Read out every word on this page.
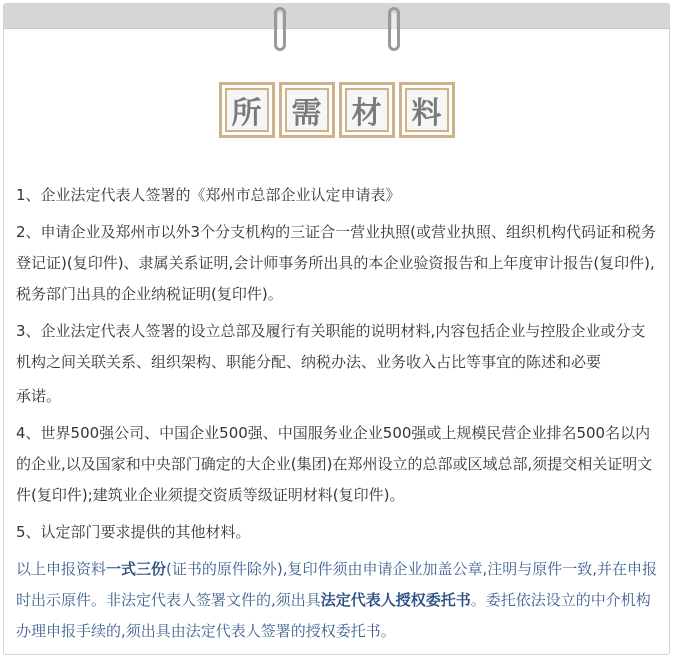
所 需 材 料

1、企业法定代表人签署的《郑州市总部企业认定申请表》

2、申请企业及郑州市以外3个分支机构的三证合一营业执照(或营业执照、组织机构代码证和税务登记证)(复印件)、隶属关系证明,会计师事务所出具的本企业验资报告和上年度审计报告(复印件),税务部门出具的企业纳税证明(复印件)。

3、企业法定代表人签署的设立总部及履行有关职能的说明材料,内容包括企业与控股企业或分支机构之间关联关系、组织架构、职能分配、纳税办法、业务收入占比等事宜的陈述和必要

承诺。

4、世界500强公司、中国企业500强、中国服务业企业500强或上规模民营企业排名500名以内的企业,以及国家和中央部门确定的大企业(集团)在郑州设立的总部或区域总部,须提交相关证明文件(复印件);建筑业企业须提交资质等级证明材料(复印件)。

5、认定部门要求提供的其他材料。

以上申报资料一式三份(证书的原件除外),复印件须由申请企业加盖公章,注明与原件一致,并在申报时出示原件。非法定代表人签署文件的,须出具法定代表人授权委托书。委托依法设立的中介机构办理申报手续的,须出具由法定代表人签署的授权委托书。
